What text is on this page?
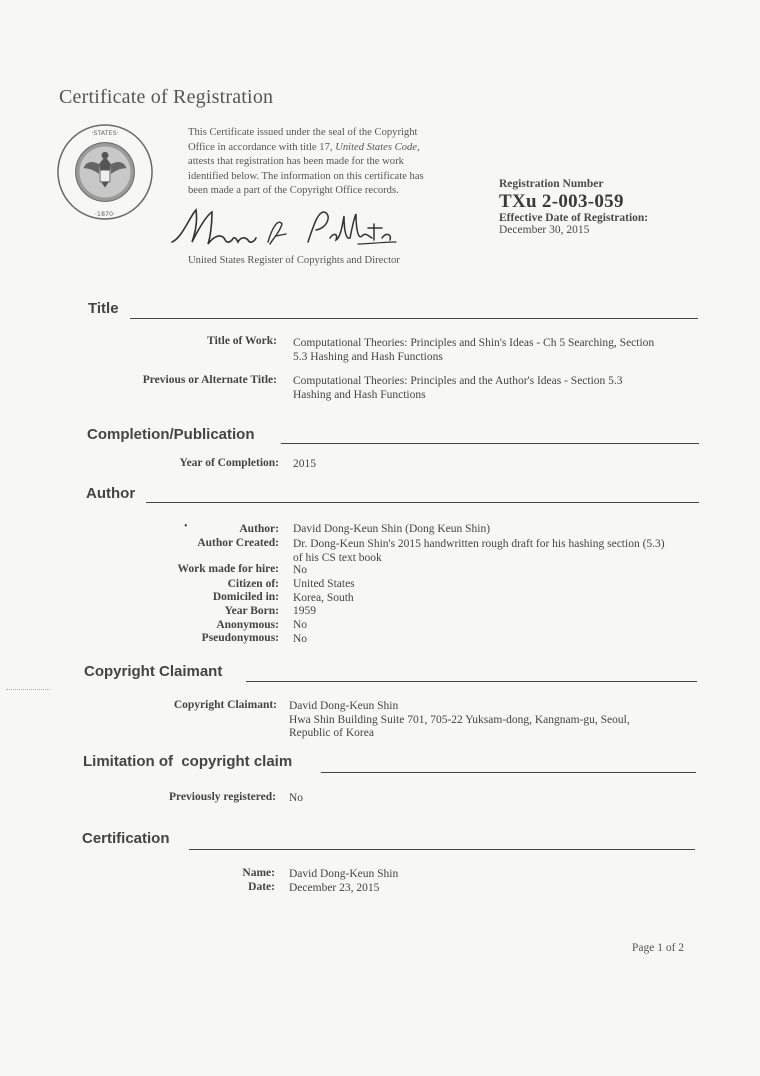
Certificate of Registration
·STATES·
·1870·
This Certificate issued under the seal of the Copyright
Office in accordance with title 17, United States Code,
attests that registration has been made for the work
identified below. The information on this certificate has
been made a part of the Copyright Office records.
United States Register of Copyrights and Director
Registration Number
TXu 2-003-059
Effective Date of Registration:
December 30, 2015
Title
Title of Work: Computational Theories: Principles and Shin's Ideas - Ch 5 Searching, Section
5.3 Hashing and Hash Functions
Previous or Alternate Title: Computational Theories: Principles and the Author's Ideas - Section 5.3
Hashing and Hash Functions
Completion/Publication
Year of Completion: 2015
Author
•	Author: David Dong-Keun Shin (Dong Keun Shin)
Author Created: Dr. Dong-Keun Shin's 2015 handwritten rough draft for his hashing section (5.3)
of his CS text book
Work made for hire: No
Citizen of: United States
Domiciled in: Korea, South
Year Born: 1959
Anonymous: No
Pseudonymous: No
Copyright Claimant
Copyright Claimant: David Dong-Keun Shin
Hwa Shin Building Suite 701, 705-22 Yuksam-dong, Kangnam-gu, Seoul,
Republic of Korea
Limitation of  copyright claim
Previously registered: No
Certification
Name: David Dong-Keun Shin
Date: December 23, 2015
Page 1 of 2
